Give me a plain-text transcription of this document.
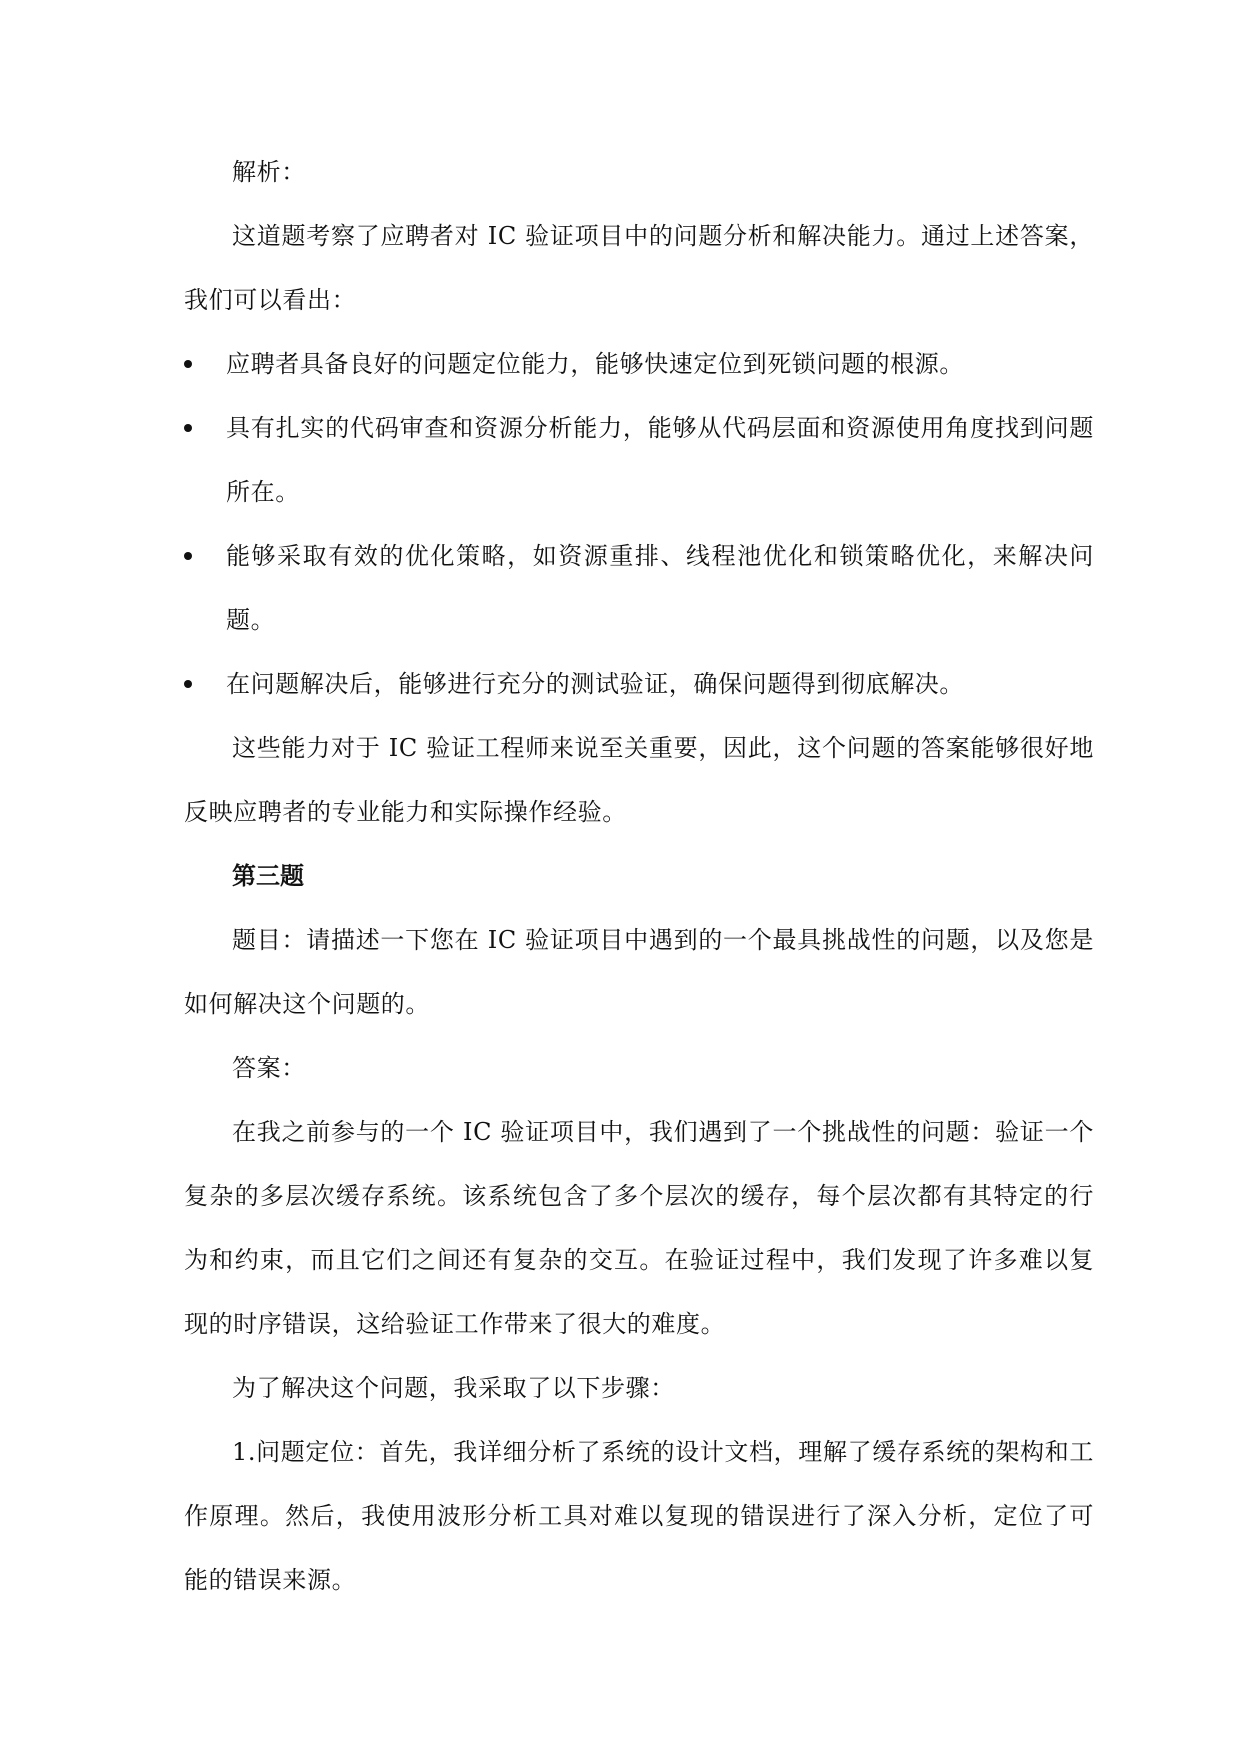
解析：

这道题考察了应聘者对 IC 验证项目中的问题分析和解决能力。通过上述答案，我们可以看出：

应聘者具备良好的问题定位能力，能够快速定位到死锁问题的根源。
具有扎实的代码审查和资源分析能力，能够从代码层面和资源使用角度找到问题所在。
能够采取有效的优化策略，如资源重排、线程池优化和锁策略优化，来解决问题。
在问题解决后，能够进行充分的测试验证，确保问题得到彻底解决。

这些能力对于 IC 验证工程师来说至关重要，因此，这个问题的答案能够很好地反映应聘者的专业能力和实际操作经验。

第三题

题目：请描述一下您在 IC 验证项目中遇到的一个最具挑战性的问题，以及您是如何解决这个问题的。

答案：

在我之前参与的一个 IC 验证项目中，我们遇到了一个挑战性的问题：验证一个复杂的多层次缓存系统。该系统包含了多个层次的缓存，每个层次都有其特定的行为和约束，而且它们之间还有复杂的交互。在验证过程中，我们发现了许多难以复现的时序错误，这给验证工作带来了很大的难度。

为了解决这个问题，我采取了以下步骤：

1.问题定位：首先，我详细分析了系统的设计文档，理解了缓存系统的架构和工作原理。然后，我使用波形分析工具对难以复现的错误进行了深入分析，定位了可能的错误来源。
